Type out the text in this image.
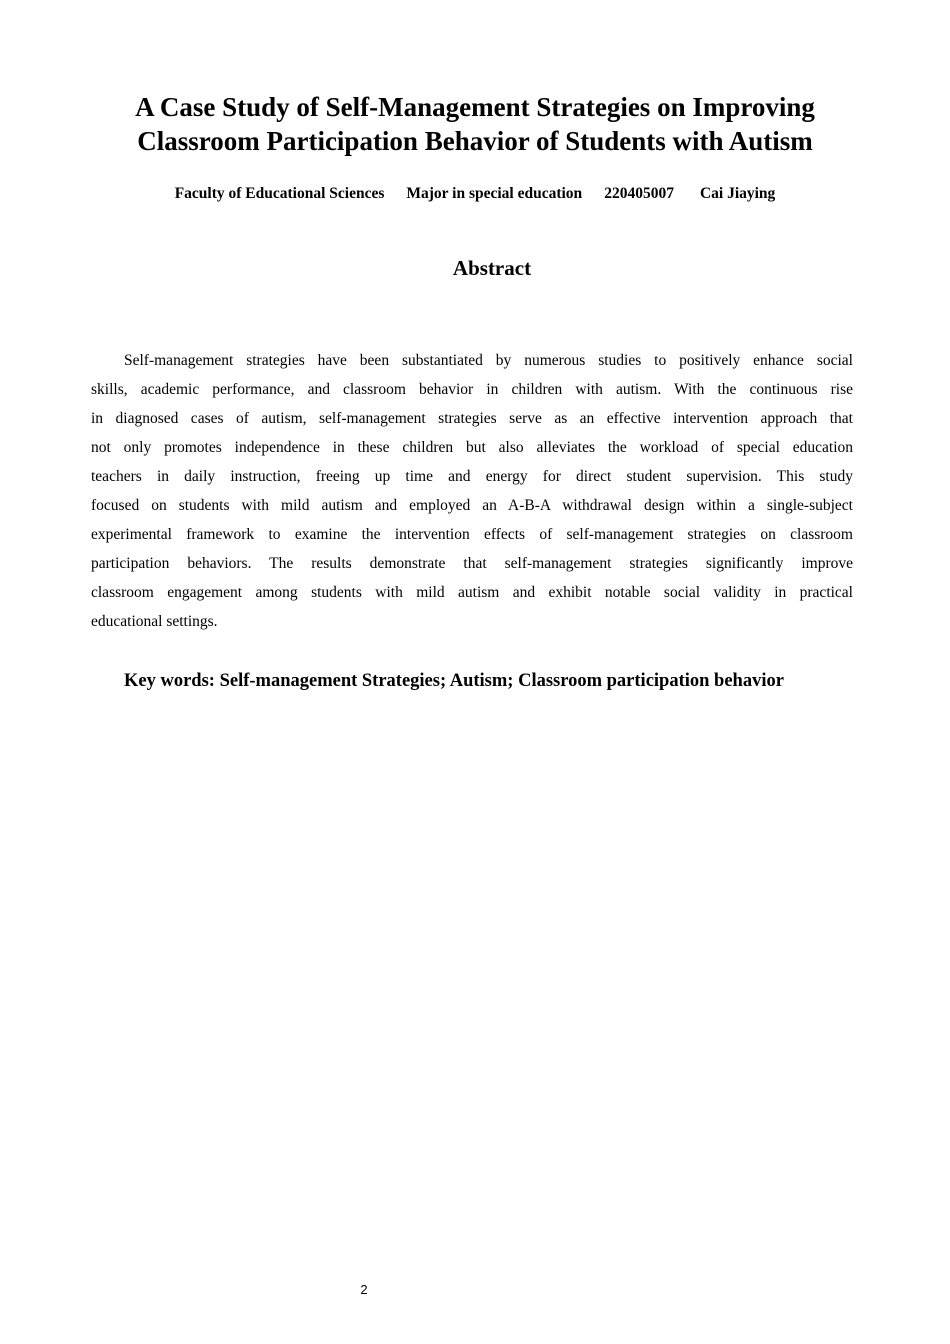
A Case Study of Self-Management Strategies on Improving
Classroom Participation Behavior of Students with Autism
Faculty of Educational Sciences Major in special education 220405007 Cai Jiaying
Abstract
Self-management strategies have been substantiated by numerous studies to positively enhance social
skills, academic performance, and classroom behavior in children with autism. With the continuous rise
in diagnosed cases of autism, self-management strategies serve as an effective intervention approach that
not only promotes independence in these children but also alleviates the workload of special education
teachers in daily instruction, freeing up time and energy for direct student supervision. This study
focused on students with mild autism and employed an A-B-A withdrawal design within a single-subject
experimental framework to examine the intervention effects of self-management strategies on classroom
participation behaviors. The results demonstrate that self-management strategies significantly improve
classroom engagement among students with mild autism and exhibit notable social validity in practical
educational settings.
Key words: Self-management Strategies; Autism; Classroom participation behavior
2
